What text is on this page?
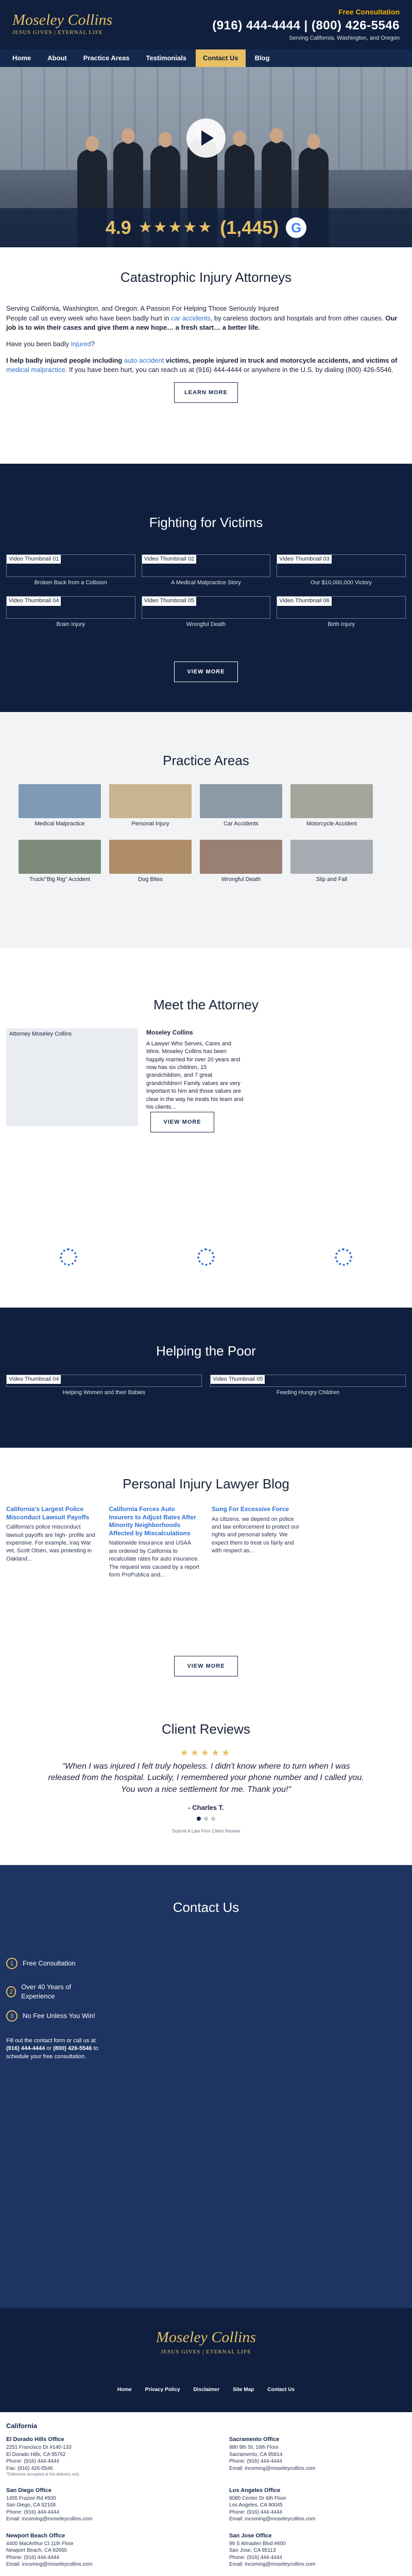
Moseley Collins
JESUS GIVES | ETERNAL LIFE
Free Consultation
(916) 444-4444 | (800) 426-5546
Serving California, Washington, and Oregon
Home	About	Practice Areas	Testimonials	Contact Us	Blog
4.9 ★★★★★ (1,445) G
Catastrophic Injury Attorneys

Serving California, Washington, and Oregon: A Passion For Helping Those Seriously Injured
People call us every week who have been badly hurt in car accidents, by careless doctors and hospitals and from other causes. Our job is to win their cases and give them a new hope… a fresh start… a better life.

Have you been badly injured?

I help badly injured people including auto accident victims, people injured in truck and motorcycle accidents, and victims of medical malpractice. If you have been hurt, you can reach us at (916) 444-4444 or anywhere in the U.S. by dialing (800) 426-5546.

LEARN MORE
Fighting for Victims
Video Thumbnail 01
Broken Back from a Collision
Video Thumbnail 02
A Medical Malpractice Story
Video Thumbnail 03
Our $10,000,000 Victory
Video Thumbnail 04
Brain Injury
Video Thumbnail 05
Wrongful Death
Video Thumbnail 06
Birth Injury
VIEW MORE
Practice Areas
Medical Malpractice	Personal Injury	Car Accidents	Motorcycle Accident
Truck/"Big Rig" Accident	Dog Bites	Wrongful Death	Slip and Fall
Meet the Attorney
Attorney Moseley Collins	Moseley Collins

A Lawyer Who Serves, Cares and Wins. Moseley Collins has been happily married for over 20 years and now has six children, 15 grandchildren, and 7 great grandchildren! Family values are very important to him and those values are clear in the way he treats his team and his clients...

VIEW MORE
Helping the Poor
Video Thumbnail 04
Helping Women and their Babies
Video Thumbnail 05
Feeding Hungry Children
Personal Injury Lawyer Blog
California's Largest Police Misconduct Lawsuit Payoffs

California's police misconduct lawsuit payoffs are high- profile and expensive. For example, Iraq War vet, Scott Olsen, was protesting in Oakland...

California Forces Auto Insurers to Adjust Rates After Minority Neighborhoods Affected by Miscalculations

Nationwide insurance and USAA are ordered by California to recalculate rates for auto insurance. The request was caused by a report form ProPublica and...

Sung For Excessive Force

As citizens, we depend on police and law enforcement to protect our rights and personal safety. We expect them to treat us fairly and with respect as...

VIEW MORE
Client Reviews
★★★★★
"When I was injured I felt truly hopeless. I didn't know where to turn when I was released from the hospital. Luckily, I remembered your phone number and I called you. You won a nice settlement for me. Thank you!"
- Charles T.
Submit A Law Firm Client Review
Contact Us
1	Free Consultation
2
Over 40 Years of Experience
3	No Fee Unless You Win!
Fill out the contact form or call us at (916) 444-4444 or (800) 426-5546 to schedule your free consultation.
Moseley Collins
JESUS GIVES | ETERNAL LIFE
Home	Privacy Policy	Disclaimer	Site Map	Contact Us
California
El Dorado Hills Office
2251 Francisco Dr #140-133
El Dorado Hills, CA 95762
Phone: (916) 444-4444
Fax: (916) 426-5546
*Deliveries accepted at the delivery only
Sacramento Office
980 9th St, 16th Floor
Sacramento, CA 95814
Phone: (916) 444-4444
Email: incoming@moseleycollins.com
San Diego Office
1455 Frazee Rd #500
San Diego, CA 92108
Phone: (916) 444-4444
Email: incoming@moseleycollins.com
Los Angeles Office
8080 Center Dr 6th Floor
Los Angeles, CA 90045
Phone: (916) 444-4444
Email: incoming@moseleycollins.com
Newport Beach Office
4400 MacArthur Ct 11th Floor
Newport Beach, CA 92660
Phone: (916) 444-4444
Email: incoming@moseleycollins.com
San Jose Office
99 S Almaden Blvd #600
San Jose, CA 95113
Phone: (916) 444-4444
Email: incoming@moseleycollins.com
